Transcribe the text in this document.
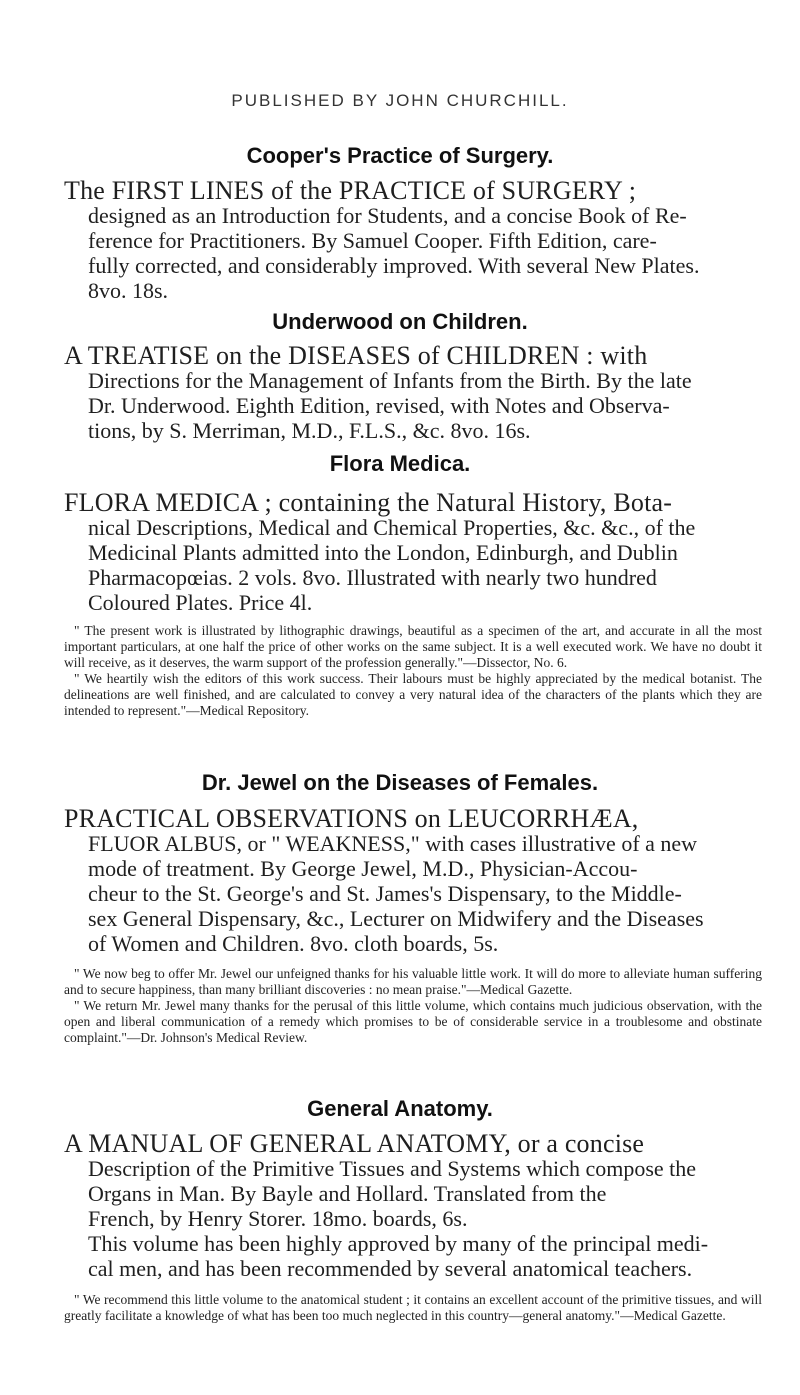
PUBLISHED BY JOHN CHURCHILL.
Cooper's Practice of Surgery.

The FIRST LINES of the PRACTICE of SURGERY ;

designed as an Introduction for Students, and a concise Book of Re-

ference for Practitioners. By Samuel Cooper. Fifth Edition, care-

fully corrected, and considerably improved. With several New Plates.

8vo. 18s.

Underwood on Children.

A TREATISE on the DISEASES of CHILDREN : with

Directions for the Management of Infants from the Birth. By the late

Dr. Underwood. Eighth Edition, revised, with Notes and Observa-

tions, by S. Merriman, M.D., F.L.S., &c. 8vo. 16s.

Flora Medica.

FLORA MEDICA ; containing the Natural History, Bota-

nical Descriptions, Medical and Chemical Properties, &c. &c., of the

Medicinal Plants admitted into the London, Edinburgh, and Dublin

Pharmacopœias. 2 vols. 8vo. Illustrated with nearly two hundred

Coloured Plates. Price 4l.

" The present work is illustrated by lithographic drawings, beautiful as a specimen of the art, and accurate in all the most important particulars, at one half the price of other works on the same subject. It is a well executed work. We have no doubt it will receive, as it deserves, the warm support of the profession generally."—Dissector, No. 6.

" We heartily wish the editors of this work success. Their labours must be highly appreciated by the medical botanist. The delineations are well finished, and are calculated to convey a very natural idea of the characters of the plants which they are intended to represent."—Medical Repository.

Dr. Jewel on the Diseases of Females.

PRACTICAL OBSERVATIONS on LEUCORRHÆA,

FLUOR ALBUS, or " WEAKNESS," with cases illustrative of a new

mode of treatment. By George Jewel, M.D., Physician-Accou-

cheur to the St. George's and St. James's Dispensary, to the Middle-

sex General Dispensary, &c., Lecturer on Midwifery and the Diseases

of Women and Children. 8vo. cloth boards, 5s.

" We now beg to offer Mr. Jewel our unfeigned thanks for his valuable little work. It will do more to alleviate human suffering and to secure happiness, than many brilliant discoveries : no mean praise."—Medical Gazette.

" We return Mr. Jewel many thanks for the perusal of this little volume, which contains much judicious observation, with the open and liberal communication of a remedy which promises to be of considerable service in a troublesome and obstinate complaint."—Dr. Johnson's Medical Review.

General Anatomy.

A MANUAL OF GENERAL ANATOMY, or a concise

Description of the Primitive Tissues and Systems which compose the

Organs in Man. By Bayle and Hollard. Translated from the

French, by Henry Storer. 18mo. boards, 6s.

This volume has been highly approved by many of the principal medi-

cal men, and has been recommended by several anatomical teachers.

" We recommend this little volume to the anatomical student ; it contains an excellent account of the primitive tissues, and will greatly facilitate a knowledge of what has been too much neglected in this country—general anatomy."—Medical Gazette.
